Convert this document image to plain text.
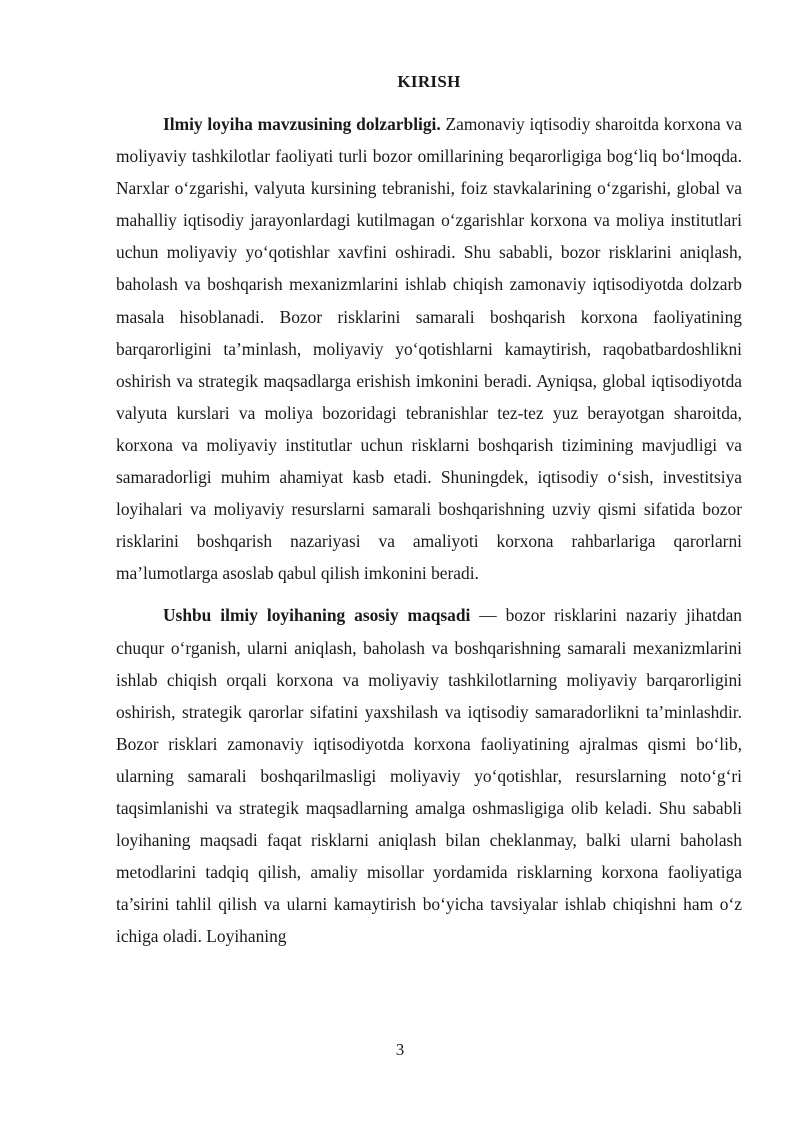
KIRISH

Ilmiy loyiha mavzusining dolzarbligi. Zamonaviy iqtisodiy sharoitda korxona va moliyaviy tashkilotlar faoliyati turli bozor omillarining beqarorligiga bog‘liq bo‘lmoqda. Narxlar o‘zgarishi, valyuta kursining tebranishi, foiz stavkalarining o‘zgarishi, global va mahalliy iqtisodiy jarayonlardagi kutilmagan o‘zgarishlar korxona va moliya institutlari uchun moliyaviy yo‘qotishlar xavfini oshiradi. Shu sababli, bozor risklarini aniqlash, baholash va boshqarish mexanizmlarini ishlab chiqish zamonaviy iqtisodiyotda dolzarb masala hisoblanadi. Bozor risklarini samarali boshqarish korxona faoliyatining barqarorligini ta’minlash, moliyaviy yo‘qotishlarni kamaytirish, raqobatbardoshlikni oshirish va strategik maqsadlarga erishish imkonini beradi. Ayniqsa, global iqtisodiyotda valyuta kurslari va moliya bozoridagi tebranishlar tez-tez yuz berayotgan sharoitda, korxona va moliyaviy institutlar uchun risklarni boshqarish tizimining mavjudligi va samaradorligi muhim ahamiyat kasb etadi. Shuningdek, iqtisodiy o‘sish, investitsiya loyihalari va moliyaviy resurslarni samarali boshqarishning uzviy qismi sifatida bozor risklarini boshqarish nazariyasi va amaliyoti korxona rahbarlariga qarorlarni ma’lumotlarga asoslab qabul qilish imkonini beradi.

Ushbu ilmiy loyihaning asosiy maqsadi — bozor risklarini nazariy jihatdan chuqur o‘rganish, ularni aniqlash, baholash va boshqarishning samarali mexanizmlarini ishlab chiqish orqali korxona va moliyaviy tashkilotlarning moliyaviy barqarorligini oshirish, strategik qarorlar sifatini yaxshilash va iqtisodiy samaradorlikni ta’minlashdir. Bozor risklari zamonaviy iqtisodiyotda korxona faoliyatining ajralmas qismi bo‘lib, ularning samarali boshqarilmasligi moliyaviy yo‘qotishlar, resurslarning noto‘g‘ri taqsimlanishi va strategik maqsadlarning amalga oshmasligiga olib keladi. Shu sababli loyihaning maqsadi faqat risklarni aniqlash bilan cheklanmay, balki ularni baholash metodlarini tadqiq qilish, amaliy misollar yordamida risklarning korxona faoliyatiga ta’sirini tahlil qilish va ularni kamaytirish bo‘yicha tavsiyalar ishlab chiqishni ham o‘z ichiga oladi. Loyihaning

3
